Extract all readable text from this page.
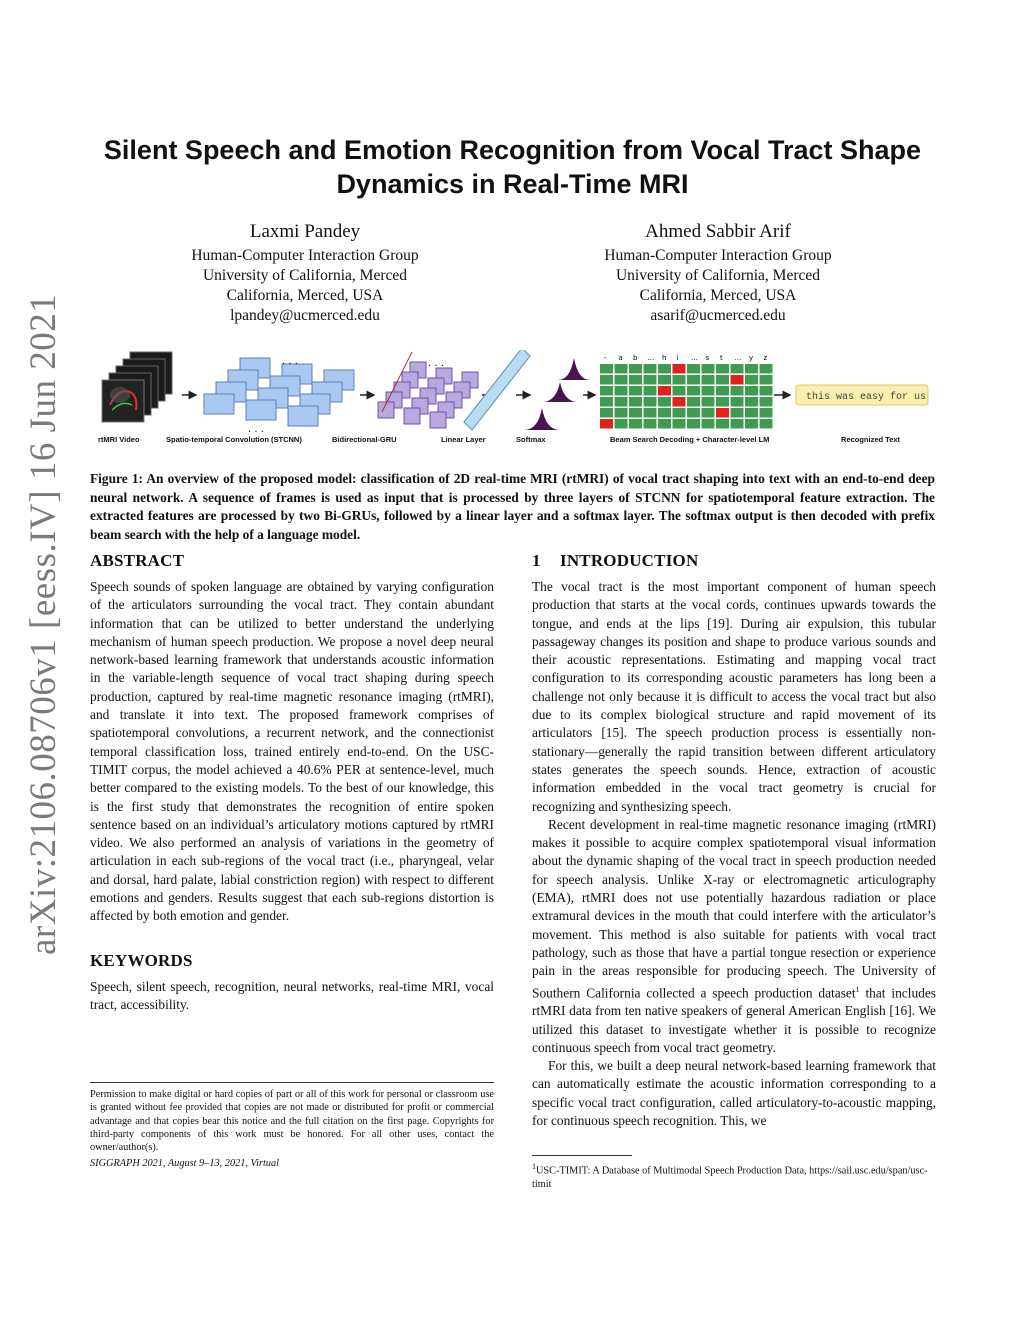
arXiv:2106.08706v1 [eess.IV] 16 Jun 2021
Silent Speech and Emotion Recognition from Vocal Tract Shape Dynamics in Real-Time MRI
Laxmi Pandey
Human-Computer Interaction Group
University of California, Merced
California, Merced, USA
lpandey@ucmerced.edu
Ahmed Sabbir Arif
Human-Computer Interaction Group
University of California, Merced
California, Merced, USA
asarif@ucmerced.edu
. . .
. . .
. . .	- a b ... h i ... s t ... y z
this was easy for us
rtMRI Video	Spatio-temporal Convolution (STCNN)	Bidirectional-GRU	Linear Layer	Softmax	Beam Search Decoding + Character-level LM	Recognized Text

Figure 1: An overview of the proposed model: classification of 2D real-time MRI (rtMRI) of vocal tract shaping into text with an end-to-end deep neural network. A sequence of frames is used as input that is processed by three layers of STCNN for spatiotemporal feature extraction. The extracted features are processed by two Bi-GRUs, followed by a linear layer and a softmax layer. The softmax output is then decoded with prefix beam search with the help of a language model.

ABSTRACT

Speech sounds of spoken language are obtained by varying configuration of the articulators surrounding the vocal tract. They contain abundant information that can be utilized to better understand the underlying mechanism of human speech production. We propose a novel deep neural network-based learning framework that understands acoustic information in the variable-length sequence of vocal tract shaping during speech production, captured by real-time magnetic resonance imaging (rtMRI), and translate it into text. The proposed framework comprises of spatiotemporal convolutions, a recurrent network, and the connectionist temporal classification loss, trained entirely end-to-end. On the USC-TIMIT corpus, the model achieved a 40.6% PER at sentence-level, much better compared to the existing models. To the best of our knowledge, this is the first study that demonstrates the recognition of entire spoken sentence based on an individual’s articulatory motions captured by rtMRI video. We also performed an analysis of variations in the geometry of articulation in each sub-regions of the vocal tract (i.e., pharyngeal, velar and dorsal, hard palate, labial constriction region) with respect to different emotions and genders. Results suggest that each sub-regions distortion is affected by both emotion and gender.

KEYWORDS

Speech, silent speech, recognition, neural networks, real-time MRI, vocal tract, accessibility.

Permission to make digital or hard copies of part or all of this work for personal or classroom use is granted without fee provided that copies are not made or distributed for profit or commercial advantage and that copies bear this notice and the full citation on the first page. Copyrights for third-party components of this work must be honored. For all other uses, contact the owner/author(s).

SIGGRAPH 2021, August 9–13, 2021, Virtual
1 INTRODUCTION

The vocal tract is the most important component of human speech production that starts at the vocal cords, continues upwards towards the tongue, and ends at the lips [19]. During air expulsion, this tubular passageway changes its position and shape to produce various sounds and their acoustic representations. Estimating and mapping vocal tract configuration to its corresponding acoustic parameters has long been a challenge not only because it is difficult to access the vocal tract but also due to its complex biological structure and rapid movement of its articulators [15]. The speech production process is essentially non-stationary—generally the rapid transition between different articulatory states generates the speech sounds. Hence, extraction of acoustic information embedded in the vocal tract geometry is crucial for recognizing and synthesizing speech.

Recent development in real-time magnetic resonance imaging (rtMRI) makes it possible to acquire complex spatiotemporal visual information about the dynamic shaping of the vocal tract in speech production needed for speech analysis. Unlike X-ray or electromagnetic articulography (EMA), rtMRI does not use potentially hazardous radiation or place extramural devices in the mouth that could interfere with the articulator’s movement. This method is also suitable for patients with vocal tract pathology, such as those that have a partial tongue resection or experience pain in the areas responsible for producing speech. The University of Southern California collected a speech production dataset$^1$ that includes rtMRI data from ten native speakers of general American English [16]. We utilized this dataset to investigate whether it is possible to recognize continuous speech from vocal tract geometry.

For this, we built a deep neural network-based learning framework that can automatically estimate the acoustic information corresponding to a specific vocal tract configuration, called articulatory-to-acoustic mapping, for continuous speech recognition. This, we

$^1$USC-TIMIT: A Database of Multimodal Speech Production Data, https://sail.usc.edu/span/usc-timit
